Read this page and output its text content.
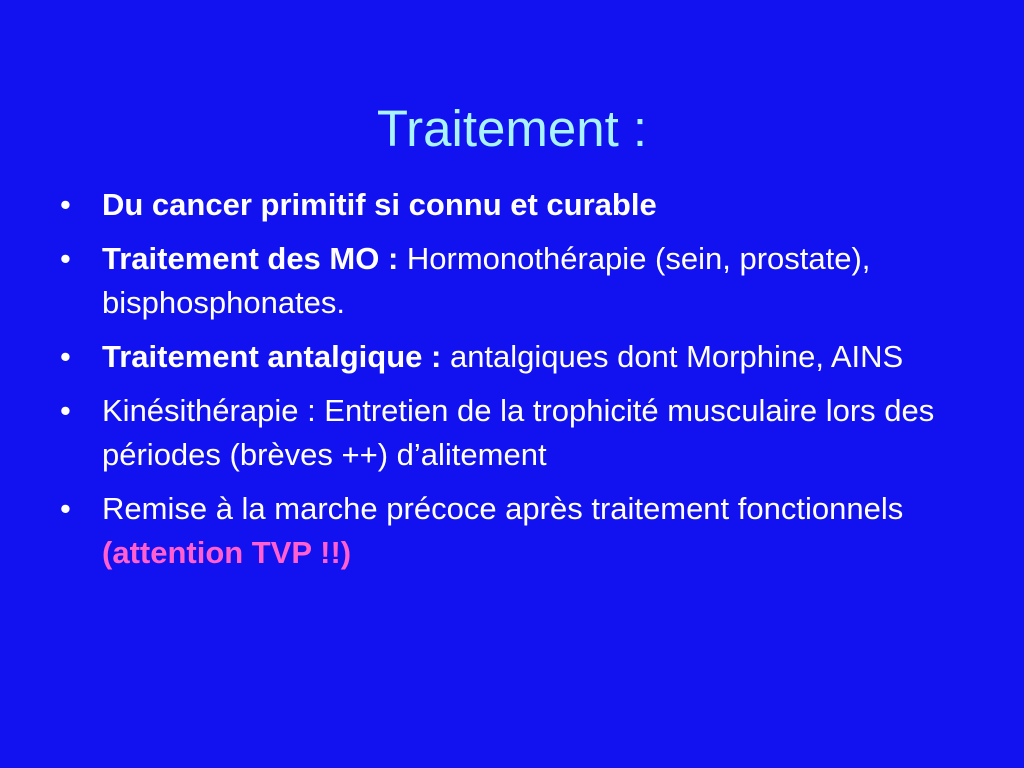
Traitement :
• Du cancer primitif si connu et curable
• Traitement des MO : Hormonothérapie (sein, prostate), bisphosphonates.
• Traitement antalgique : antalgiques dont Morphine, AINS
• Kinésithérapie : Entretien de la trophicité musculaire lors des périodes (brèves ++) d’alitement
• Remise à la marche précoce après traitement fonctionnels (attention TVP !!)
